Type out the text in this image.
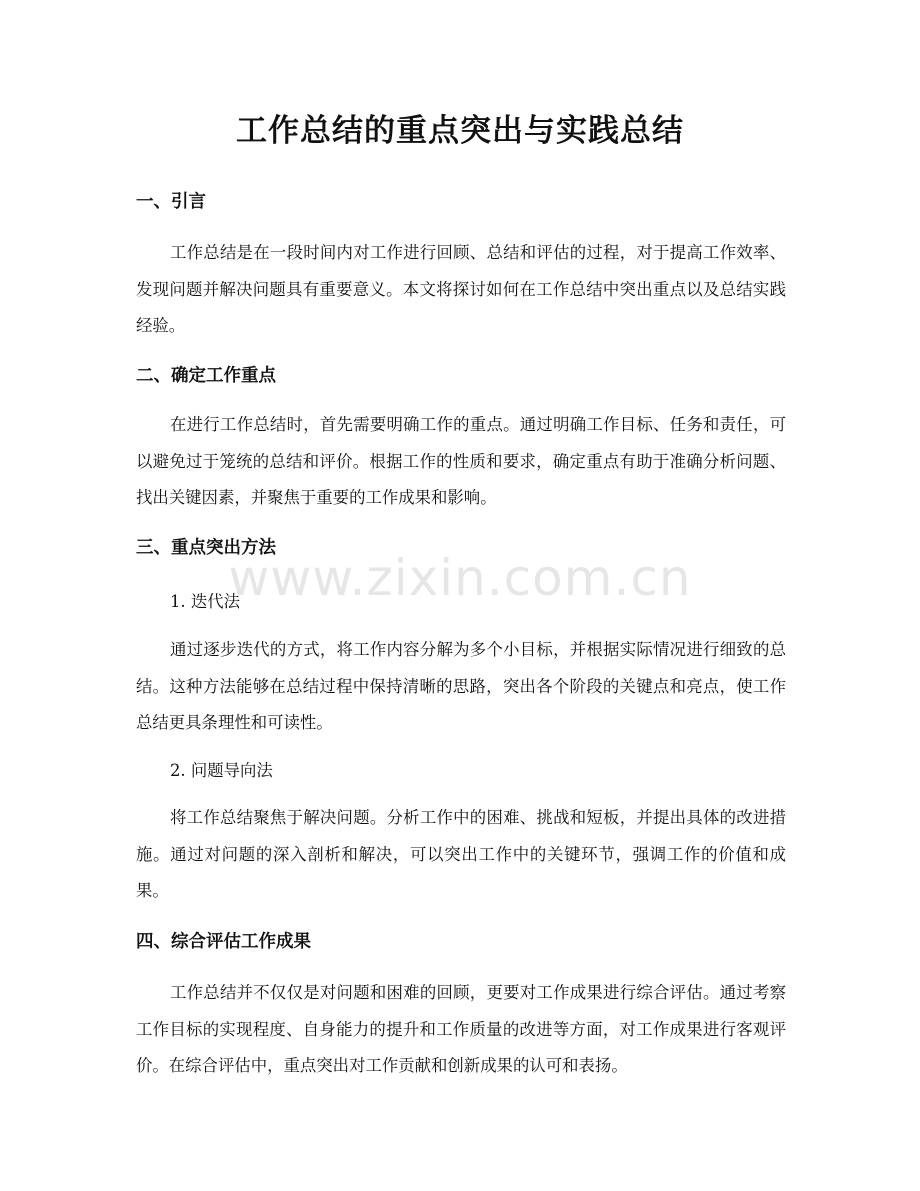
工作总结的重点突出与实践总结
一、引言
工作总结是在一段时间内对工作进行回顾、总结和评估的过程，对于提高工作效率、发现问题并解决问题具有重要意义。本文将探讨如何在工作总结中突出重点以及总结实践经验。
二、确定工作重点
在进行工作总结时，首先需要明确工作的重点。通过明确工作目标、任务和责任，可以避免过于笼统的总结和评价。根据工作的性质和要求，确定重点有助于准确分析问题、找出关键因素，并聚焦于重要的工作成果和影响。
三、重点突出方法
1. 迭代法
通过逐步迭代的方式，将工作内容分解为多个小目标，并根据实际情况进行细致的总结。这种方法能够在总结过程中保持清晰的思路，突出各个阶段的关键点和亮点，使工作总结更具条理性和可读性。
2. 问题导向法
将工作总结聚焦于解决问题。分析工作中的困难、挑战和短板，并提出具体的改进措施。通过对问题的深入剖析和解决，可以突出工作中的关键环节，强调工作的价值和成果。
四、综合评估工作成果
工作总结并不仅仅是对问题和困难的回顾，更要对工作成果进行综合评估。通过考察工作目标的实现程度、自身能力的提升和工作质量的改进等方面，对工作成果进行客观评价。在综合评估中，重点突出对工作贡献和创新成果的认可和表扬。
www.zixin.com.cn
